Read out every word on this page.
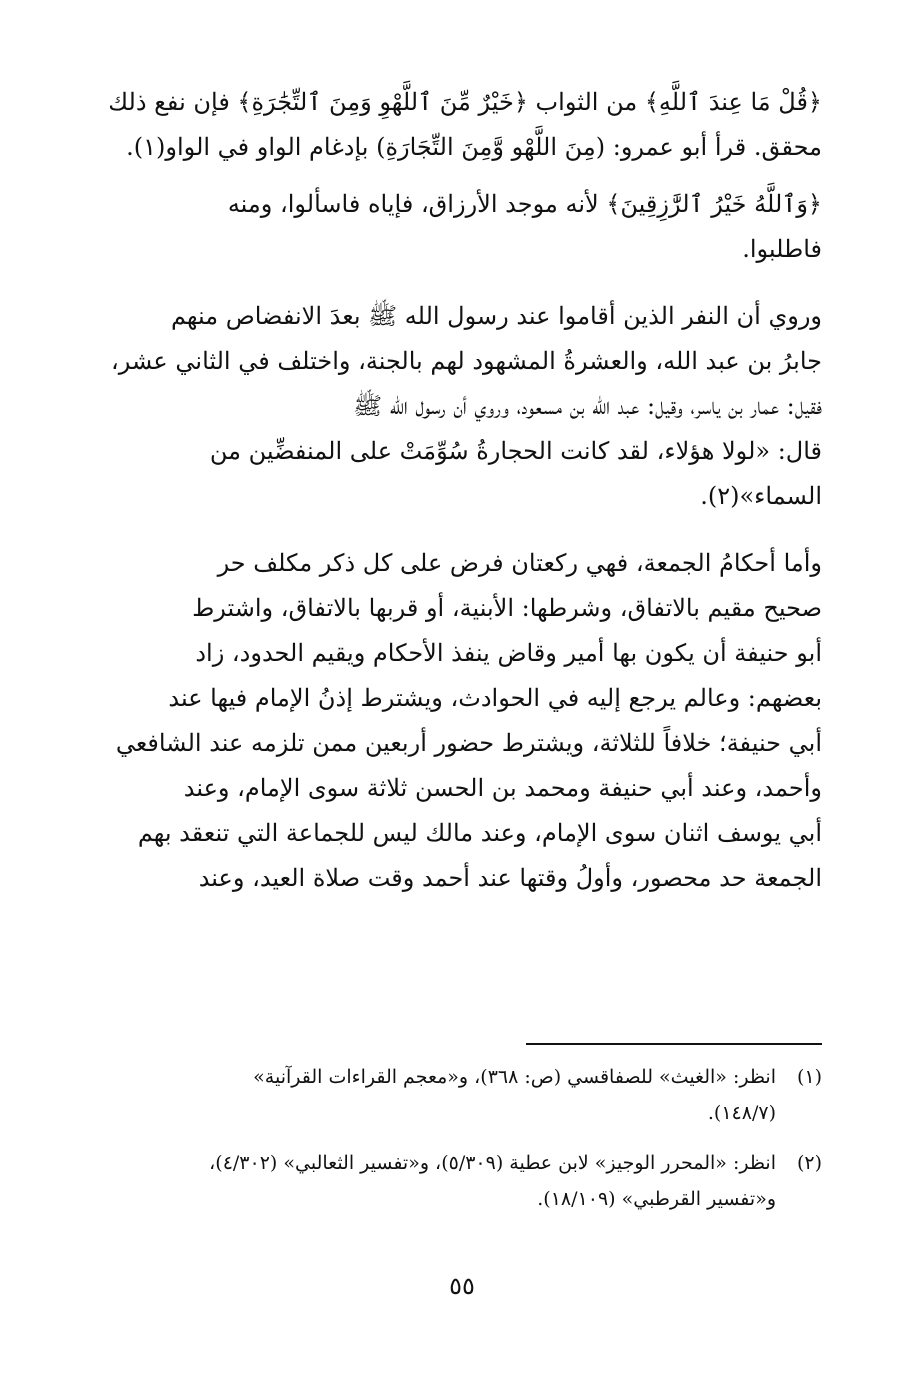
﴿قُلْ مَا عِندَ ٱللَّهِ﴾ من الثواب ﴿خَيْرٌ مِّنَ ٱللَّهْوِ وَمِنَ ٱلتِّجَٰرَةِ﴾ فإن نفع ذلك
محقق. قرأ أبو عمرو: (مِنَ اللَّهْو وَّمِنَ التِّجَارَةِ) بإدغام الواو في الواو(١).

﴿وَٱللَّهُ خَيْرُ ٱلرَّٰزِقِينَ﴾ لأنه موجد الأرزاق، فإياه فاسألوا، ومنه
فاطلبوا.

وروي أن النفر الذين أقاموا عند رسول الله ﷺ بعدَ الانفضاص منهم
جابرُ بن عبد الله، والعشرةُ المشهود لهم بالجنة، واختلف في الثاني عشر،
فقيل: عمار بن ياسر، وقيل: عبد الله بن مسعود، وروي أن رسول الله ﷺ
قال: «لولا هؤلاء، لقد كانت الحجارةُ سُوِّمَتْ على المنفضِّين من
السماء»(٢).

وأما أحكامُ الجمعة، فهي ركعتان فرض على كل ذكر مكلف حر
صحيح مقيم بالاتفاق، وشرطها: الأبنية، أو قربها بالاتفاق، واشترط
أبو حنيفة أن يكون بها أمير وقاض ينفذ الأحكام ويقيم الحدود، زاد
بعضهم: وعالم يرجع إليه في الحوادث، ويشترط إذنُ الإمام فيها عند
أبي حنيفة؛ خلافاً للثلاثة، ويشترط حضور أربعين ممن تلزمه عند الشافعي
وأحمد، وعند أبي حنيفة ومحمد بن الحسن ثلاثة سوى الإمام، وعند
أبي يوسف اثنان سوى الإمام، وعند مالك ليس للجماعة التي تنعقد بهم
الجمعة حد محصور، وأولُ وقتها عند أحمد وقت صلاة العيد، وعند

(١)
انظر: «الغيث» للصفاقسي (ص: ٣٦٨)، و«معجم القراءات القرآنية»
(١٤٨/٧).
(٢)
انظر: «المحرر الوجيز» لابن عطية (٥/٣٠٩)، و«تفسير الثعالبي» (٤/٣٠٢)،
و«تفسير القرطبي» (١٨/١٠٩).
٥٥
